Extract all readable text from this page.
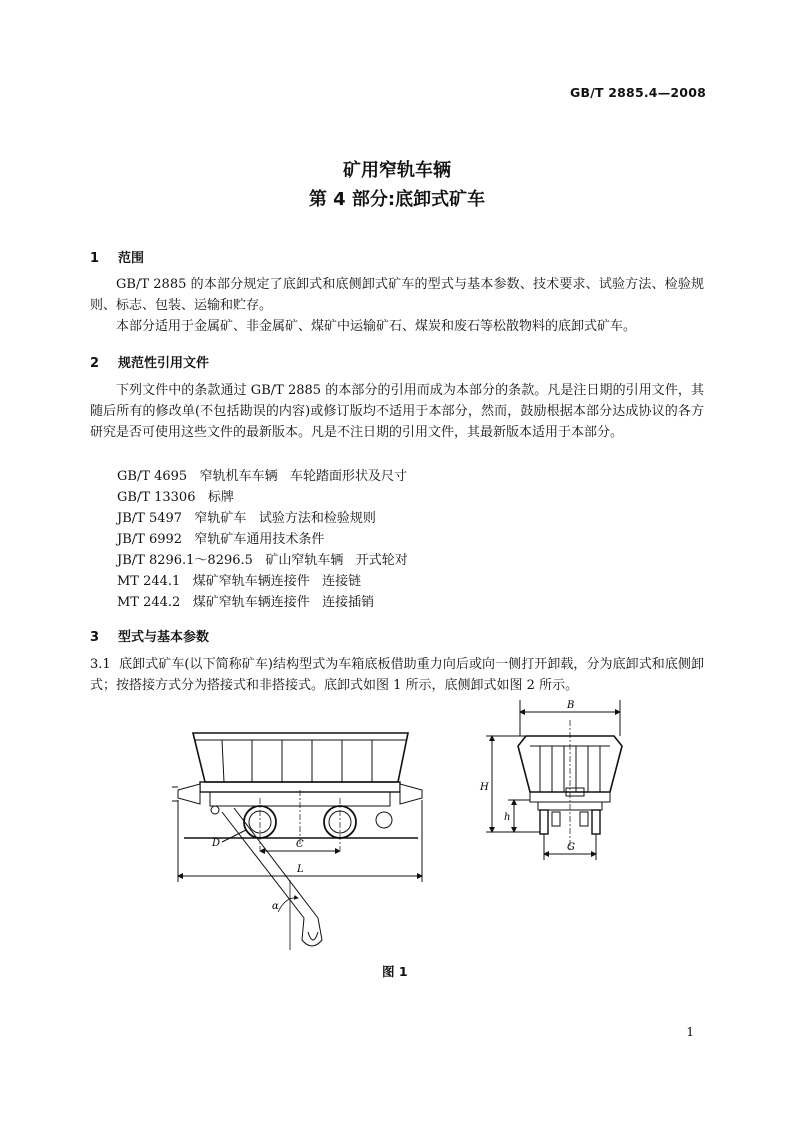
GB/T 2885.4—2008
矿用窄轨车辆
第 4 部分:底卸式矿车
1 范围
GB/T 2885 的本部分规定了底卸式和底侧卸式矿车的型式与基本参数、技术要求、试验方法、检验规则、标志、包装、运输和贮存。
本部分适用于金属矿、非金属矿、煤矿中运输矿石、煤炭和废石等松散物料的底卸式矿车。
2 规范性引用文件
下列文件中的条款通过 GB/T 2885 的本部分的引用而成为本部分的条款。凡是注日期的引用文件，其随后所有的修改单(不包括勘误的内容)或修订版均不适用于本部分，然而，鼓励根据本部分达成协议的各方研究是否可使用这些文件的最新版本。凡是不注日期的引用文件，其最新版本适用于本部分。
GB/T 4695   窄轨机车车辆   车轮踏面形状及尺寸
GB/T 13306   标牌
JB/T 5497   窄轨矿车   试验方法和检验规则
JB/T 6992   窄轨矿车通用技术条件
JB/T 8296.1～8296.5   矿山窄轨车辆   开式轮对
MT 244.1   煤矿窄轨车辆连接件   连接链
MT 244.2   煤矿窄轨车辆连接件   连接插销
3 型式与基本参数
3.1 底卸式矿车(以下简称矿车)结构型式为车箱底板借助重力向后或向一侧打开卸载，分为底卸式和底侧卸式；按搭接方式分为搭接式和非搭接式。底卸式如图 1 所示，底侧卸式如图 2 所示。
B
H
h
G
C
L
D
α
图 1
1
